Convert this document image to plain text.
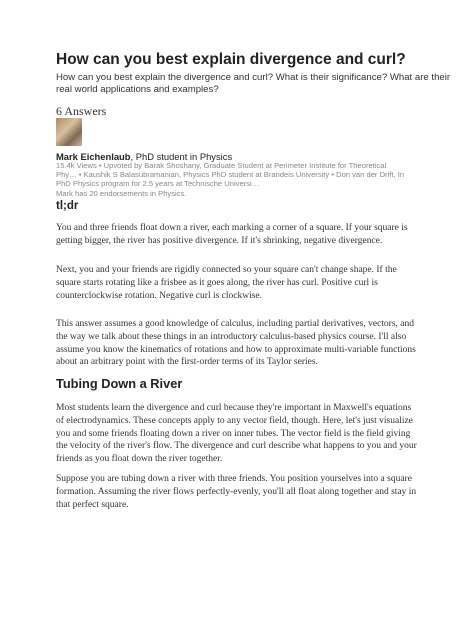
How can you best explain divergence and curl?
How can you best explain the divergence and curl? What is their significance? What are their real world applications and examples?
6 Answers
Mark Eichenlaub, PhD student in Physics
15.4k Views • Upvoted by Barak Shoshany, Graduate Student at Perimeter Institute for Theoretical
Phy… • Kaushik S Balasubramanian, Physics PhD student at Brandeis University • Don van der Drift, In
PhD Physics program for 2.5 years at Technische Universi…
Mark has 20 endorsements in Physics.
tl;dr

You and three friends float down a river, each marking a corner of a square. If your square is getting bigger, the river has positive divergence. If it's shrinking, negative divergence.

Next, you and your friends are rigidly connected so your square can't change shape. If the square starts rotating like a frisbee as it goes along, the river has curl. Positive curl is counterclockwise rotation. Negative curl is clockwise.

This answer assumes a good knowledge of calculus, including partial derivatives, vectors, and the way we talk about these things in an introductory calculus-based physics course. I'll also assume you know the kinematics of rotations and how to approximate multi-variable functions about an arbitrary point with the first-order terms of its Taylor series.

Tubing Down a River

Most students learn the divergence and curl because they're important in Maxwell's equations of electrodynamics. These concepts apply to any vector field, though. Here, let's just visualize you and some friends floating down a river on inner tubes. The vector field is the field giving the velocity of the river's flow. The divergence and curl describe what happens to you and your friends as you float down the river together.

Suppose you are tubing down a river with three friends. You position yourselves into a square formation. Assuming the river flows perfectly-evenly, you'll all float along together and stay in that perfect square.
